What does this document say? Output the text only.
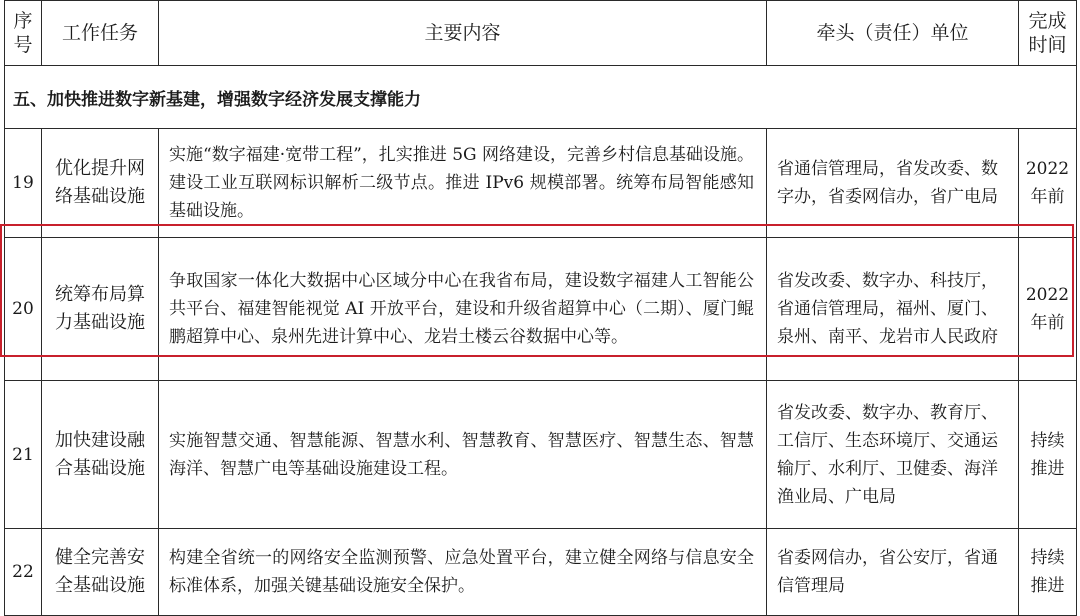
序
号	工作任务	主要内容	牵头（责任）单位	完成
时间
五、加快推进数字新基建，增强数字经济发展支撑能力				
19	优化提升网络基础设施	实施“数字福建·宽带工程”，扎实推进 5G 网络建设，完善乡村信息基础设施。建设工业互联网标识解析二级节点。推进 IPv6 规模部署。统筹布局智能感知基础设施。	省通信管理局，省发改委、数字办，省委网信办，省广电局	2022
年前
20	统筹布局算力基础设施	争取国家一体化大数据中心区域分中心在我省布局，建设数字福建人工智能公共平台、福建智能视觉 AI 开放平台，建设和升级省超算中心（二期）、厦门鲲鹏超算中心、泉州先进计算中心、龙岩土楼云谷数据中心等。	省发改委、数字办、科技厅，省通信管理局，福州、厦门、泉州、南平、龙岩市人民政府	2022
年前
21	加快建设融合基础设施	实施智慧交通、智慧能源、智慧水利、智慧教育、智慧医疗、智慧生态、智慧海洋、智慧广电等基础设施建设工程。	省发改委、数字办、教育厅、工信厅、生态环境厅、交通运输厅、水利厅、卫健委、海洋渔业局、广电局	持续
推进
22	健全完善安全基础设施	构建全省统一的网络安全监测预警、应急处置平台，建立健全网络与信息安全标准体系，加强关键基础设施安全保护。	省委网信办，省公安厅，省通信管理局	持续
推进
